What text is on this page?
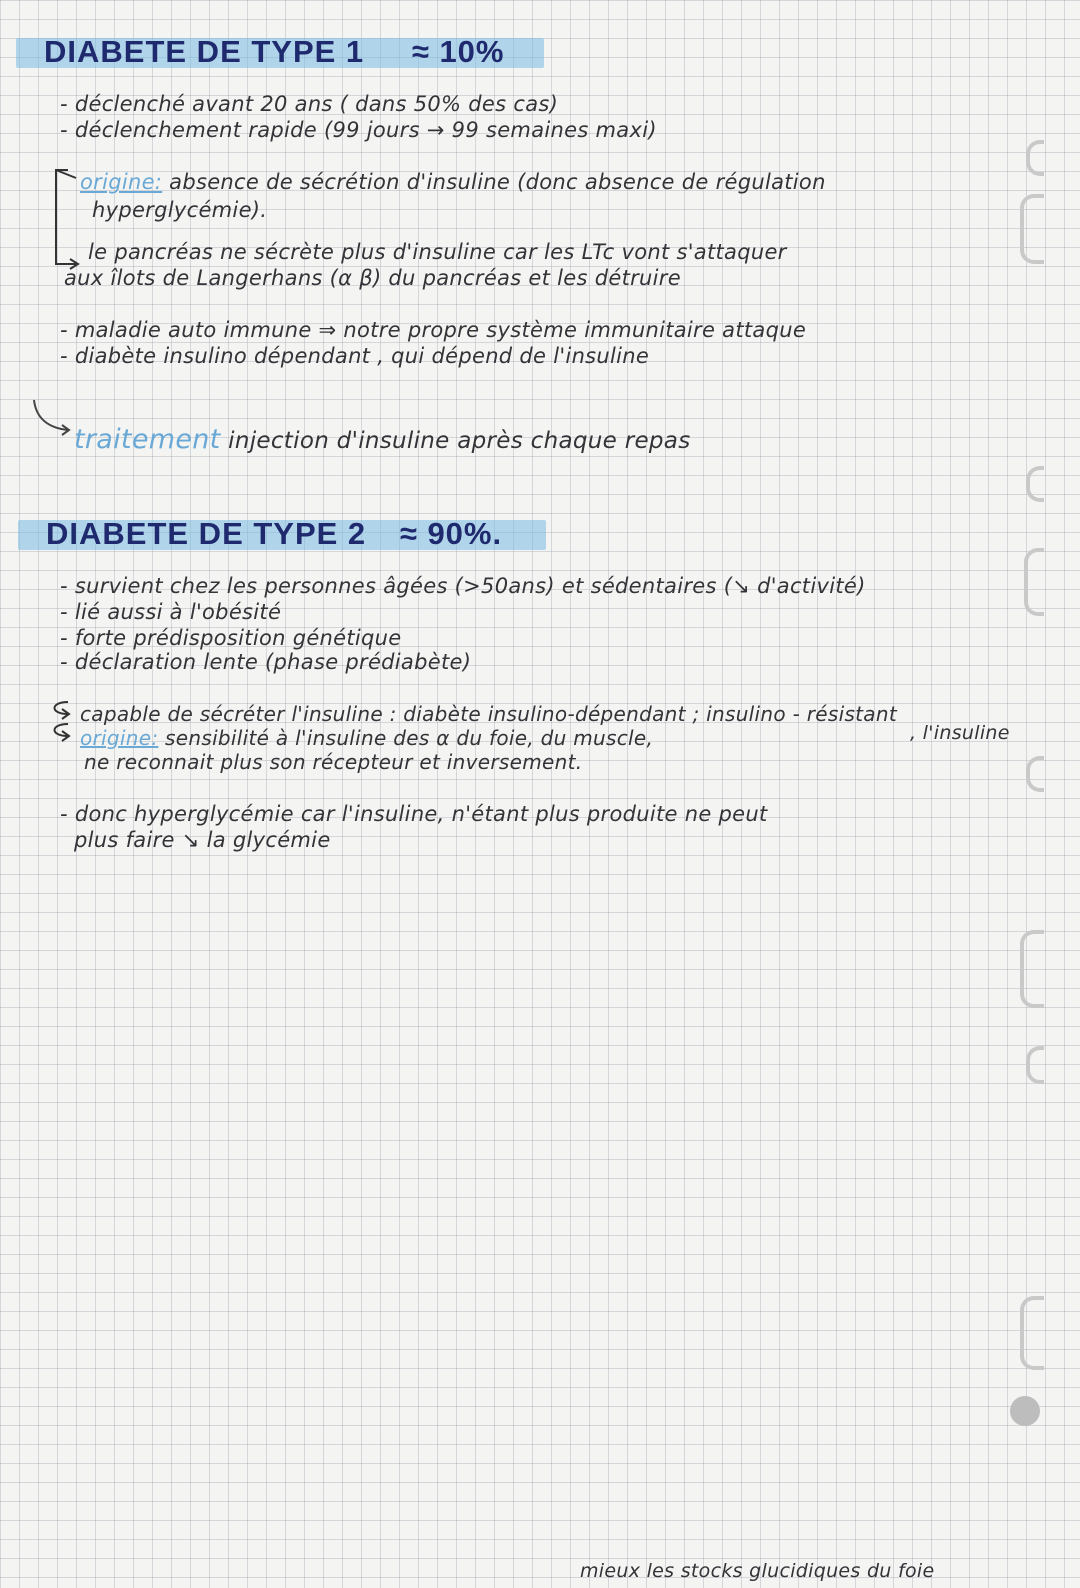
DIABETE DE TYPE 1 ≈ 10%
- déclenché avant 20 ans ( dans 50% des cas)
- déclenchement rapide (99 jours → 99 semaines maxi)
origine: absence de sécrétion d'insuline (donc absence de régulation
hyperglycémie).
le pancréas ne sécrète plus d'insuline car les LTc vont s'attaquer
aux îlots de Langerhans (α β) du pancréas et les détruire
- maladie auto immune ⇒ notre propre système immunitaire attaque
- diabète insulino dépendant , qui dépend de l'insuline
traitement injection d'insuline après chaque repas
DIABETE DE TYPE 2 ≈ 90%.
- survient chez les personnes âgées (>50ans) et sédentaires (↘ d'activité)
- lié aussi à l'obésité
- forte prédisposition génétique
- déclaration lente (phase prédiabète)
capable de sécréter l'insuline : diabète insulino-dépendant ; insulino - résistant
origine: sensibilité à l'insuline des α du foie, du muscle,	, l'insuline
ne reconnait plus son récepteur et inversement.
- donc hyperglycémie car l'insuline, n'étant plus produite ne peut
plus faire ↘ la glycémie
mieux les stocks glucidiques du foie
